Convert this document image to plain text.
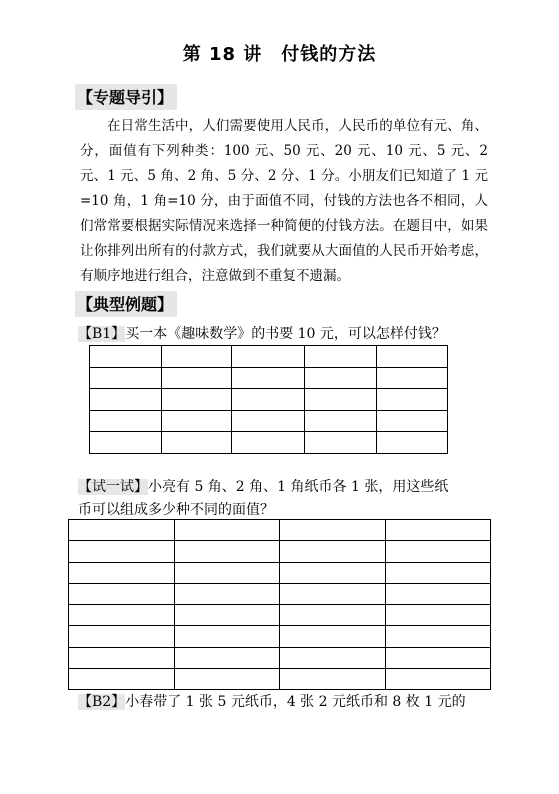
第 18 讲　付钱的方法
【专题导引】

在日常生活中，人们需要使用人民币，人民币的单位有元、角、分，面值有下列种类：100 元、50 元、20 元、10 元、5 元、2 元、1 元、5 角、2 角、5 分、2 分、1 分。小朋友们已知道了 1 元=10 角，1 角=10 分，由于面值不同，付钱的方法也各不相同，人们常常要根据实际情况来选择一种简便的付钱方法。在题目中，如果让你排列出所有的付款方式，我们就要从大面值的人民币开始考虑，有顺序地进行组合，注意做到不重复不遗漏。

【典型例题】

【B1】买一本《趣味数学》的书要 10 元，可以怎样付钱？

【试一试】小亮有 5 角、2 角、1 角纸币各 1 张，用这些纸
币可以组成多少种不同的面值？

【B2】小春带了 1 张 5 元纸币，4 张 2 元纸币和 8 枚 1 元的
